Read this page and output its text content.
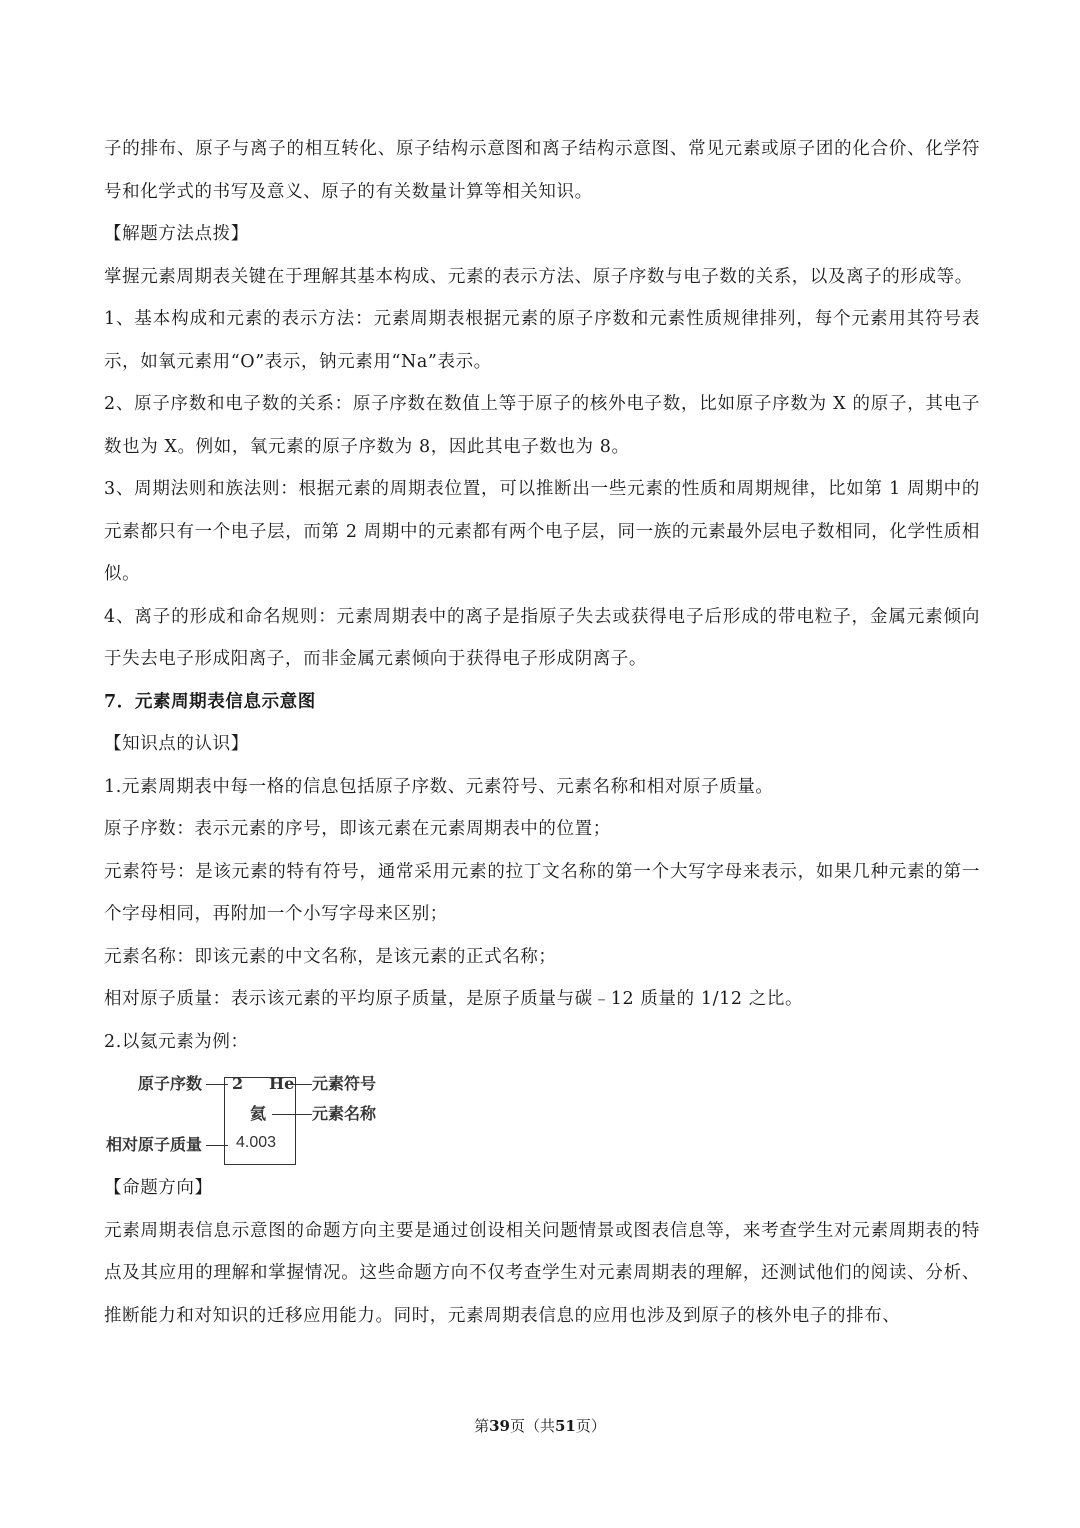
子的排布、原子与离子的相互转化、原子结构示意图和离子结构示意图、常见元素或原子团的化合价、化学符号和化学式的书写及意义、原子的有关数量计算等相关知识。

【解题方法点拨】

掌握元素周期表关键在于理解其基本构成、元素的表示方法、原子序数与电子数的关系，以及离子的形成等。

1、基本构成和元素的表示方法：元素周期表根据元素的原子序数和元素性质规律排列，每个元素用其符号表示，如氧元素用“O”表示，钠元素用“Na”表示。

2、原子序数和电子数的关系：原子序数在数值上等于原子的核外电子数，比如原子序数为 X 的原子，其电子数也为 X。例如，氧元素的原子序数为 8，因此其电子数也为 8。

3、周期法则和族法则：根据元素的周期表位置，可以推断出一些元素的性质和周期规律，比如第 1 周期中的元素都只有一个电子层，而第 2 周期中的元素都有两个电子层，同一族的元素最外层电子数相同，化学性质相似。

4、离子的形成和命名规则：元素周期表中的离子是指原子失去或获得电子后形成的带电粒子，金属元素倾向于失去电子形成阳离子，而非金属元素倾向于获得电子形成阴离子。

7．元素周期表信息示意图

【知识点的认识】

1.元素周期表中每一格的信息包括原子序数、元素符号、元素名称和相对原子质量。

原子序数：表示元素的序号，即该元素在元素周期表中的位置；

元素符号：是该元素的特有符号，通常采用元素的拉丁文名称的第一个大写字母来表示，如果几种元素的第一个字母相同，再附加一个小写字母来区别；

元素名称：即该元素的中文名称，是该元素的正式名称；

相对原子质量：表示该元素的平均原子质量，是原子质量与碳﹣12 质量的 1/12 之比。

2.以氦元素为例：

原子序数 2 He 元素符号
氦	元素名称
相对原子质量 4.003

【命题方向】

元素周期表信息示意图的命题方向主要是通过创设相关问题情景或图表信息等，来考查学生对元素周期表的特点及其应用的理解和掌握情况。这些命题方向不仅考查学生对元素周期表的理解，还测试他们的阅读、分析、推断能力和对知识的迁移应用能力。同时，元素周期表信息的应用也涉及到原子的核外电子的排布、

第39页（共51页）
